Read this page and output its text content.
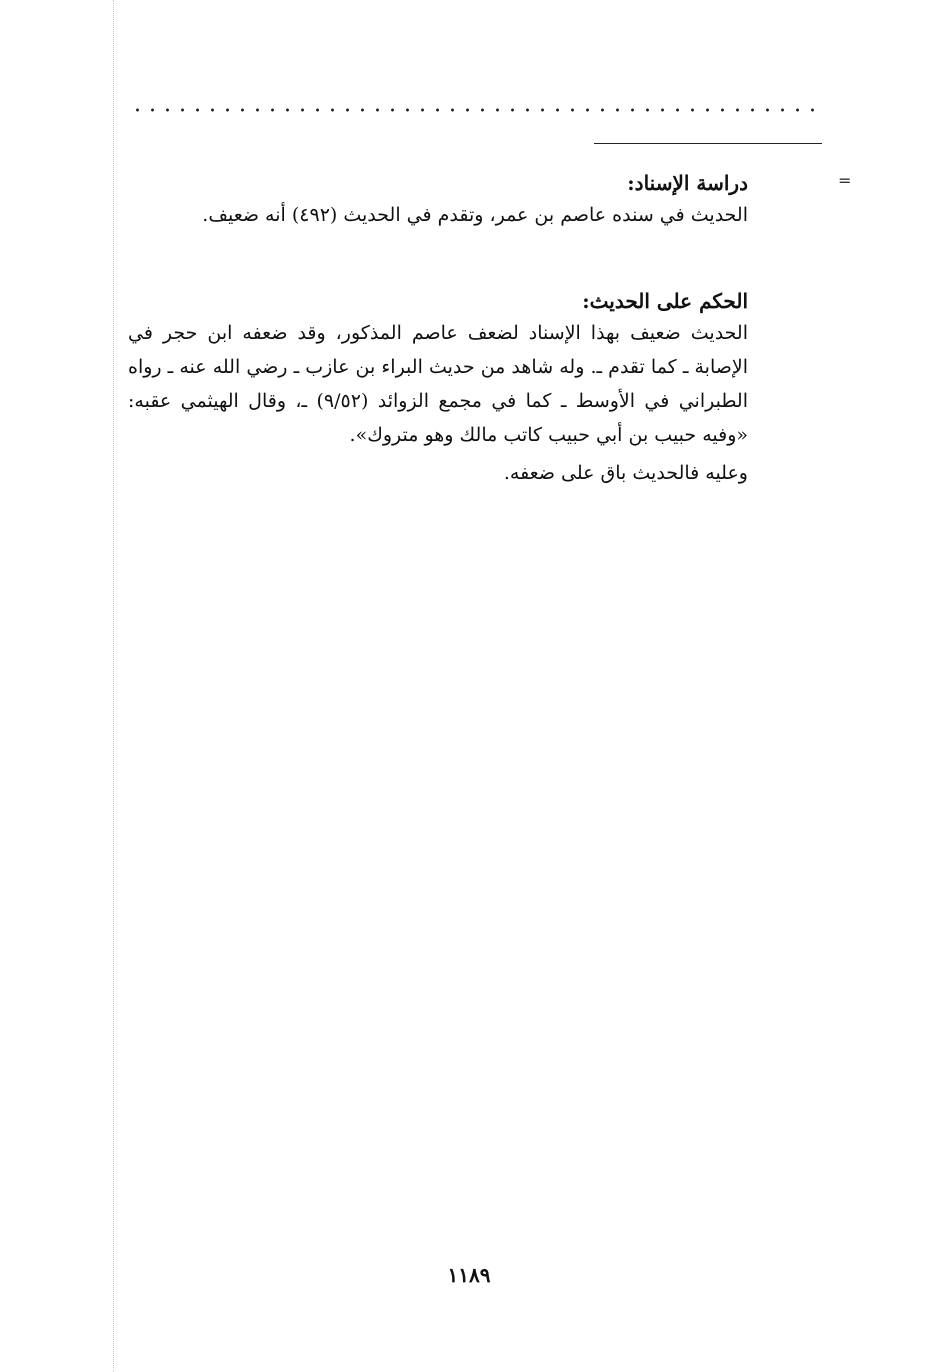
=
دراسة الإسناد:
الحديث في سنده عاصم بن عمر، وتقدم في الحديث (٤٩٢) أنه ضعيف.
الحكم على الحديث:
الحديث ضعيف بهذا الإسناد لضعف عاصم المذكور، وقد ضعفه ابن حجر في الإصابة ـ كما تقدم ـ. وله شاهد من حديث البراء بن عازب ـ رضي الله عنه ـ رواه الطبراني في الأوسط ـ كما في مجمع الزوائد (٩/٥٢) ـ، وقال الهيثمي عقبه: «وفيه حبيب بن أبي حبيب كاتب مالك وهو متروك».
وعليه فالحديث باق على ضعفه.
١١٨٩
